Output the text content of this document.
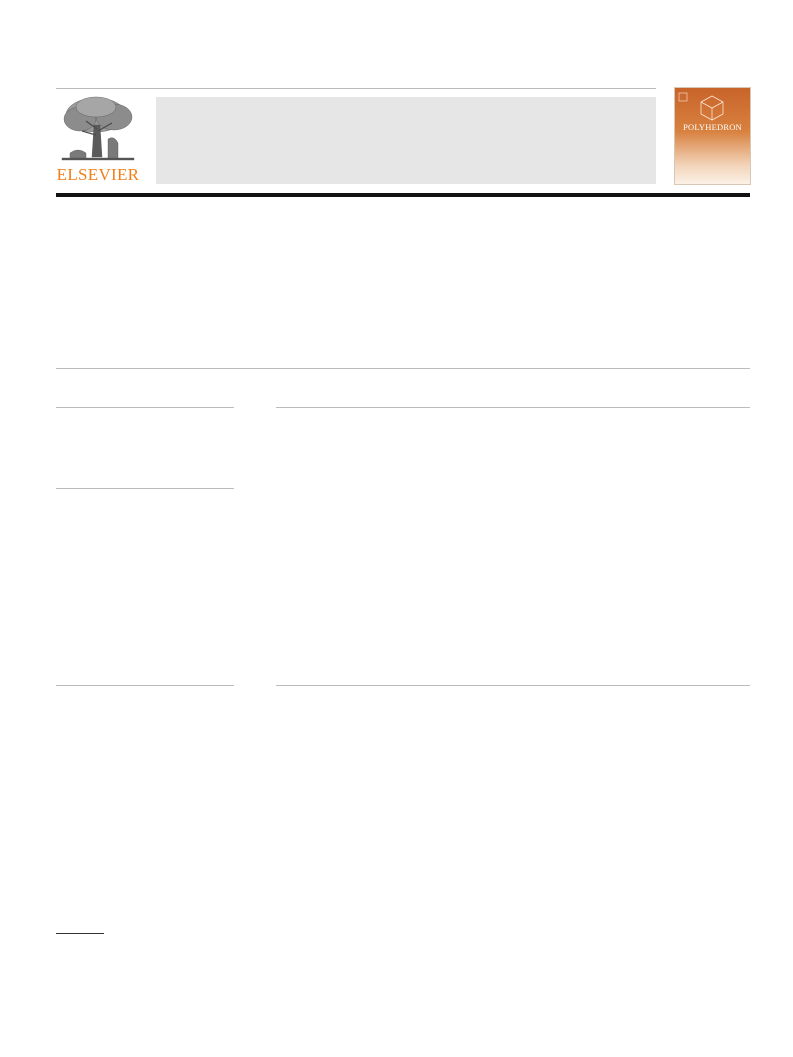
ELSEVIER
POLYHEDRON
